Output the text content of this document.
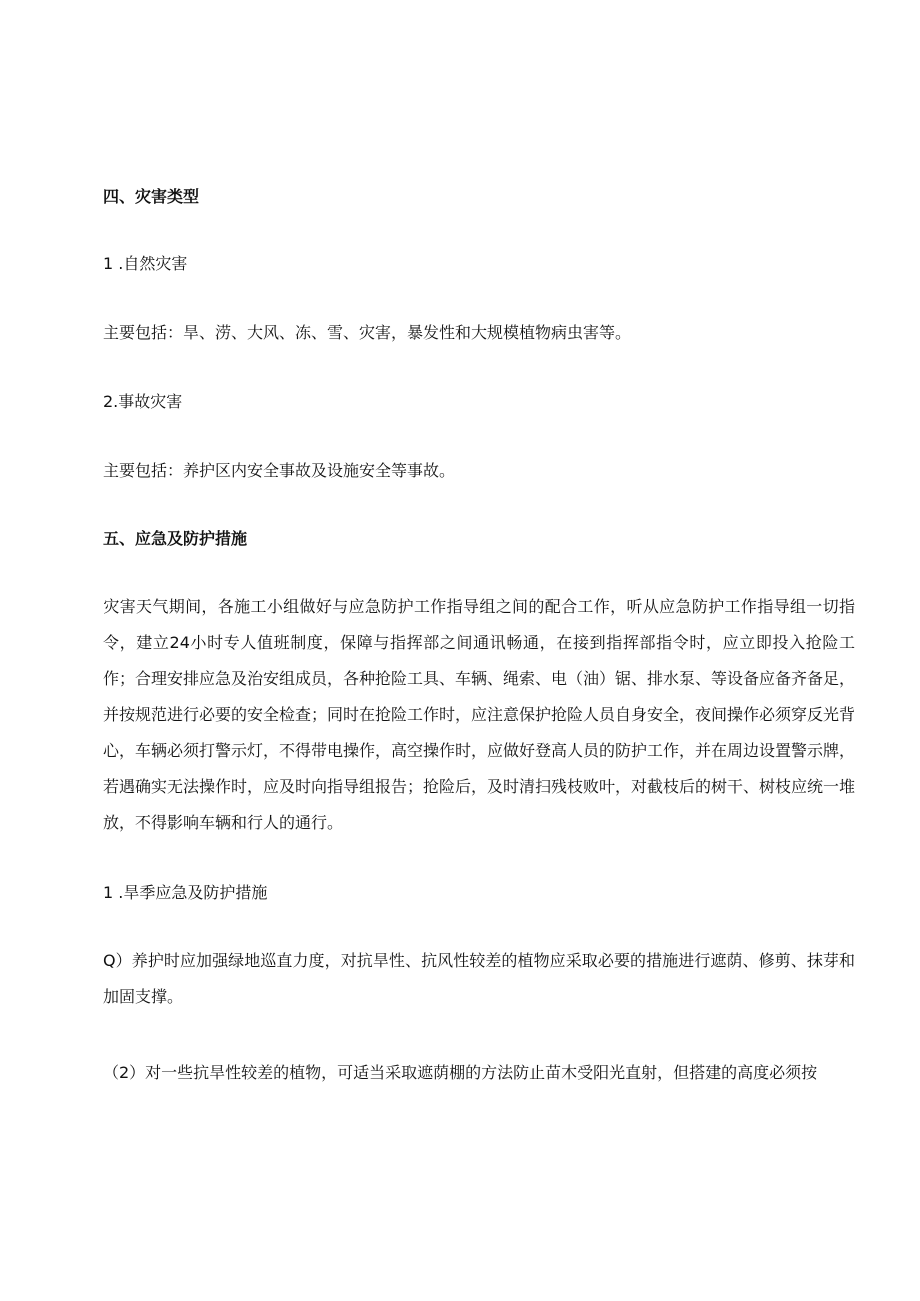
四、灾害类型

1 .自然灾害

主要包括：旱、涝、大风、冻、雪、灾害，暴发性和大规模植物病虫害等。

2.事故灾害

主要包括：养护区内安全事故及设施安全等事故。

五、应急及防护措施

灾害天气期间，各施工小组做好与应急防护工作指导组之间的配合工作，听从应急防护工作指导组一切指令，建立24小时专人值班制度，保障与指挥部之间通讯畅通，在接到指挥部指令时，应立即投入抢险工作；合理安排应急及治安组成员，各种抢险工具、车辆、绳索、电（油）锯、排水泵、等设备应备齐备足，并按规范进行必要的安全检查；同时在抢险工作时，应注意保护抢险人员自身安全，夜间操作必须穿反光背心，车辆必须打警示灯，不得带电操作，高空操作时，应做好登高人员的防护工作，并在周边设置警示牌，若遇确实无法操作时，应及时向指导组报告；抢险后，及时清扫残枝败叶，对截枝后的树干、树枝应统一堆放，不得影响车辆和行人的通行。

1 .旱季应急及防护措施

Q）养护时应加强绿地巡直力度，对抗旱性、抗风性较差的植物应采取必要的措施进行遮荫、修剪、抹芽和加固支撑。

（2）对一些抗旱性较差的植物，可适当采取遮荫棚的方法防止苗木受阳光直射，但搭建的高度必须按
